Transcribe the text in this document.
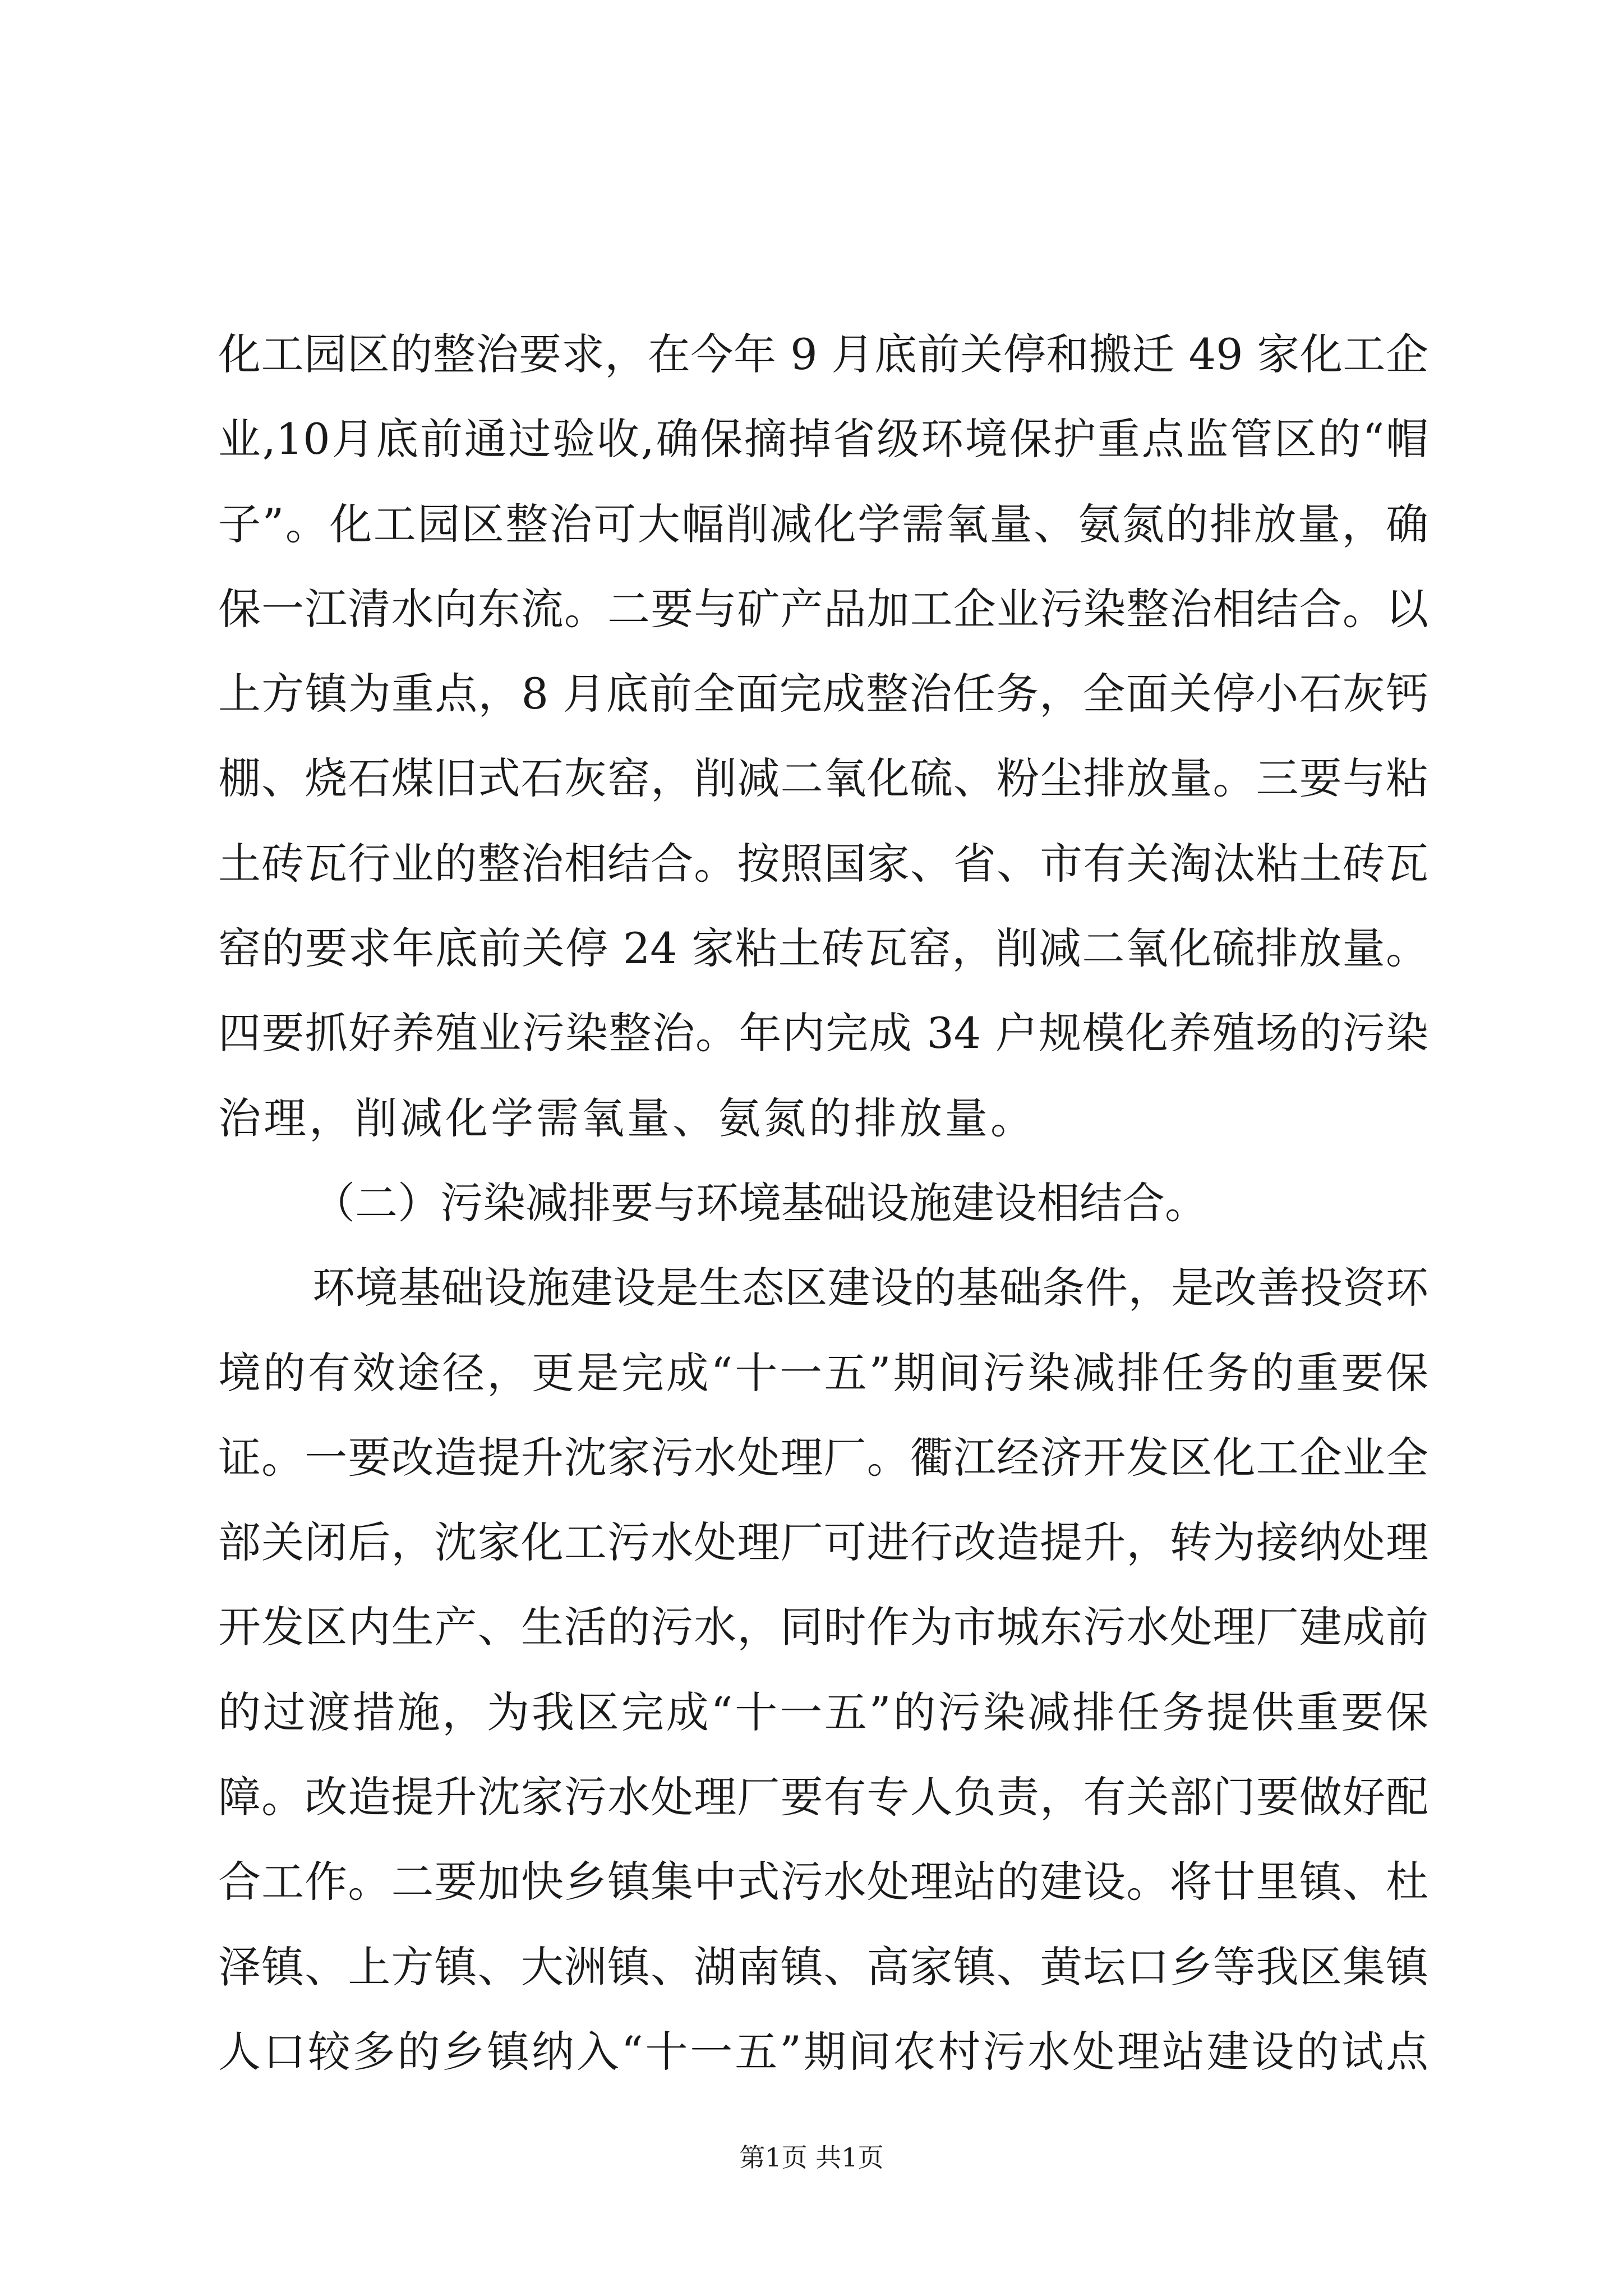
化工园区的整治要求，在今年 9 月底前关停和搬迁 49 家化工企
业,10月底前通过验收,确保摘掉省级环境保护重点监管区的“帽
子”。化工园区整治可大幅削减化学需氧量、氨氮的排放量，确
保一江清水向东流。二要与矿产品加工企业污染整治相结合。以
上方镇为重点，8 月底前全面完成整治任务，全面关停小石灰钙
棚、烧石煤旧式石灰窑，削减二氧化硫、粉尘排放量。三要与粘
土砖瓦行业的整治相结合。按照国家、省、市有关淘汰粘土砖瓦
窑的要求年底前关停 24 家粘土砖瓦窑，削减二氧化硫排放量。
四要抓好养殖业污染整治。年内完成 34 户规模化养殖场的污染
治理，削减化学需氧量、氨氮的排放量。
（二）污染减排要与环境基础设施建设相结合。
环境基础设施建设是生态区建设的基础条件，是改善投资环
境的有效途径，更是完成“十一五”期间污染减排任务的重要保
证。一要改造提升沈家污水处理厂。衢江经济开发区化工企业全
部关闭后，沈家化工污水处理厂可进行改造提升，转为接纳处理
开发区内生产、生活的污水，同时作为市城东污水处理厂建成前
的过渡措施，为我区完成“十一五”的污染减排任务提供重要保
障。改造提升沈家污水处理厂要有专人负责，有关部门要做好配
合工作。二要加快乡镇集中式污水处理站的建设。将廿里镇、杜
泽镇、上方镇、大洲镇、湖南镇、高家镇、黄坛口乡等我区集镇
人口较多的乡镇纳入“十一五”期间农村污水处理站建设的试点
第1页 共1页
